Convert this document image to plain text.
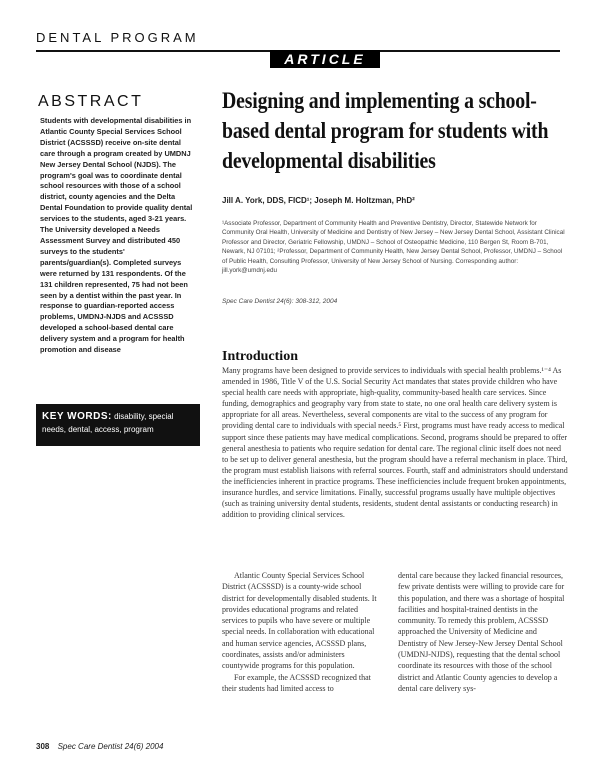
DENTAL PROGRAM
ARTICLE
ABSTRACT
Students with developmental disabilities in Atlantic County Special Services School District (ACSSSD) receive on-site dental care through a program created by UMDNJ New Jersey Dental School (NJDS). The program's goal was to coordinate dental school resources with those of a school district, county agencies and the Delta Dental Foundation to provide quality dental services to the students, aged 3-21 years. The University developed a Needs Assessment Survey and distributed 450 surveys to the students' parents/guardian(s). Completed surveys were returned by 131 respondents. Of the 131 children represented, 75 had not been seen by a dentist within the past year. In response to guardian-reported access problems, UMDNJ-NJDS and ACSSSD developed a school-based dental care delivery system and a program for health promotion and disease
KEY WORDS: disability, special needs, dental, access, program
Designing and implementing a school-based dental program for students with developmental disabilities
Jill A. York, DDS, FICD¹; Joseph M. Holtzman, PhD²
¹Associate Professor, Department of Community Health and Preventive Dentistry, Director, Statewide Network for Community Oral Health, University of Medicine and Dentistry of New Jersey – New Jersey Dental School, Assistant Clinical Professor and Director, Geriatric Fellowship, UMDNJ – School of Osteopathic Medicine, 110 Bergen St, Room B-701, Newark, NJ 07101; ²Professor, Department of Community Health, New Jersey Dental School, Professor, UMDNJ – School of Public Health, Consulting Professor, University of New Jersey School of Nursing. Corresponding author: jill.york@umdnj.edu
Spec Care Dentist 24(6): 308-312, 2004
Introduction
Many programs have been designed to provide services to individuals with special health problems.¹⁻⁴ As amended in 1986, Title V of the U.S. Social Security Act mandates that states provide children who have special health care needs with appropriate, high-quality, community-based health care services. Since funding, demographics and geography vary from state to state, no one oral health care delivery system is appropriate for all areas. Nevertheless, several components are vital to the success of any program for providing dental care to individuals with special needs.⁵ First, programs must have ready access to medical support since these patients may have medical complications. Second, programs should be prepared to offer general anesthesia to patients who require sedation for dental care. The regional clinic itself does not need to be set up to deliver general anesthesia, but the program should have a referral mechanism in place. Third, the program must establish liaisons with referral sources. Fourth, staff and administrators should understand the inefficiencies inherent in practice programs. These inefficiencies include frequent broken appointments, insurance hurdles, and service limitations. Finally, successful programs usually have multiple objectives (such as training university dental students, residents, student dental assistants or conducting research) in addition to providing clinical services.

Atlantic County Special Services School District (ACSSSD) is a county-wide school district for developmentally disabled students. It provides educational programs and related services to pupils who have severe or multiple special needs. In collaboration with educational and human service agencies, ACSSSD plans, coordinates, assists and/or administers countywide programs for this population.

For example, the ACSSSD recognized that their students had limited access to

dental care because they lacked financial resources, few private dentists were willing to provide care for this population, and there was a shortage of hospital facilities and hospital-trained dentists in the community. To remedy this problem, ACSSSD approached the University of Medicine and Dentistry of New Jersey-New Jersey Dental School (UMDNJ-NJDS), requesting that the dental school coordinate its resources with those of the school district and Atlantic County agencies to develop a dental care delivery sys-

308 Spec Care Dentist 24(6) 2004
